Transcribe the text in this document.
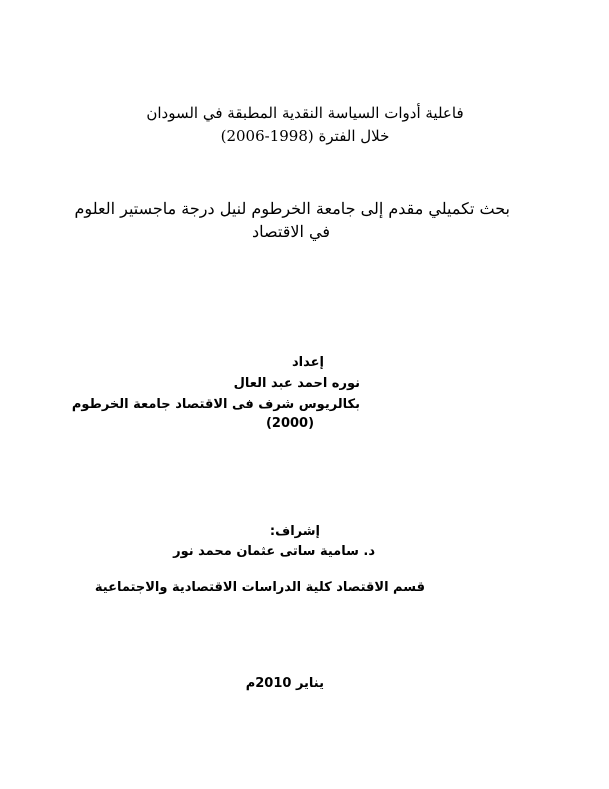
فاعلية أدوات السياسة النقدية المطبقة في السودان
خلال الفترة (1998-2006)
بحث تكميلي مقدم إلى جامعة الخرطوم لنيل درجة ماجستير العلوم
في الاقتصاد
إعداد
نوره احمد عبد العال
بكالريوس شرف فى الاقتصاد جامعة الخرطوم
(2000)
إشراف:
د. سامية ساتى عثمان محمد نور
قسم الاقتصاد كلية الدراسات الاقتصادية والاجتماعية
يناير 2010م
